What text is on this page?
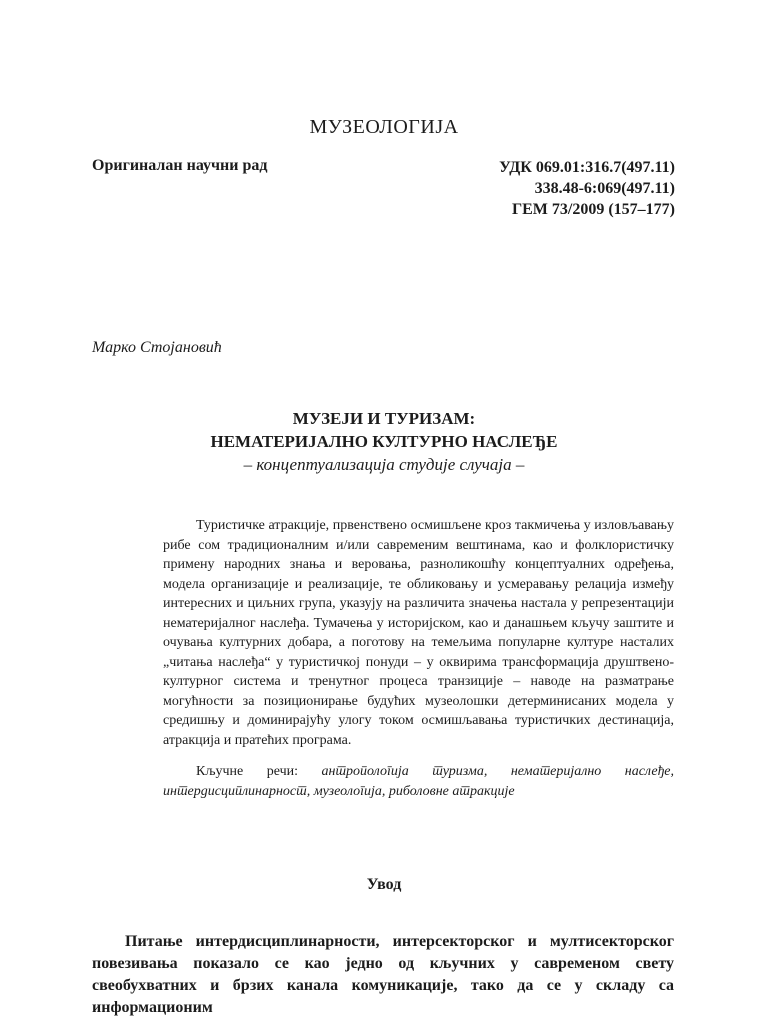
МУЗЕОЛОГИЈА
Оригиналан научни рад	УДК 069.01:316.7(497.11)
338.48-6:069(497.11)
ГЕМ 73/2009 (157–177)
Марко Стојановић
МУЗЕЈИ И ТУРИЗАМ:
НЕМАТЕРИЈАЛНО КУЛТУРНО НАСЛЕЂЕ
– концептуализација студије случаја –

Туристичке атракције, првенствено осмишљене кроз такмичења у изловљавању рибе сом традиционалним и/или савременим вештинама, као и фолклористичку примену народних знања и веровања, разноликошћу концептуалних одређења, модела организације и реализације, те обликовању и усмеравању релација између интересних и циљних група, указују на различита значења настала у репрезентацији нематеријалног наслеђа. Тумачења у историјском, као и данашњем кључу заштите и очувања културних добара, а поготову на темељима популарне културе насталих „читања наслеђа“ у туристичкој понуди – у оквирима трансформација друштвено-културног система и тренутног процеса транзиције – наводе на разматрање могућности за позиционирање будућих музеолошки детерминисаних модела у средишњу и доминирајућу улогу током осмишљавања туристичких дестинација, атракција и пратећих програма.

Кључне речи: антропологија туризма, нематеријално наслеђе, интердисциплинарност, музеологија, риболовне атракције

Увод

Питање интердисциплинарности, интерсекторског и мултисекторског повезивања показало се као једно од кључних у савременом свету свеобухватних и брзих канала комуникације, тако да се у складу са информационим
